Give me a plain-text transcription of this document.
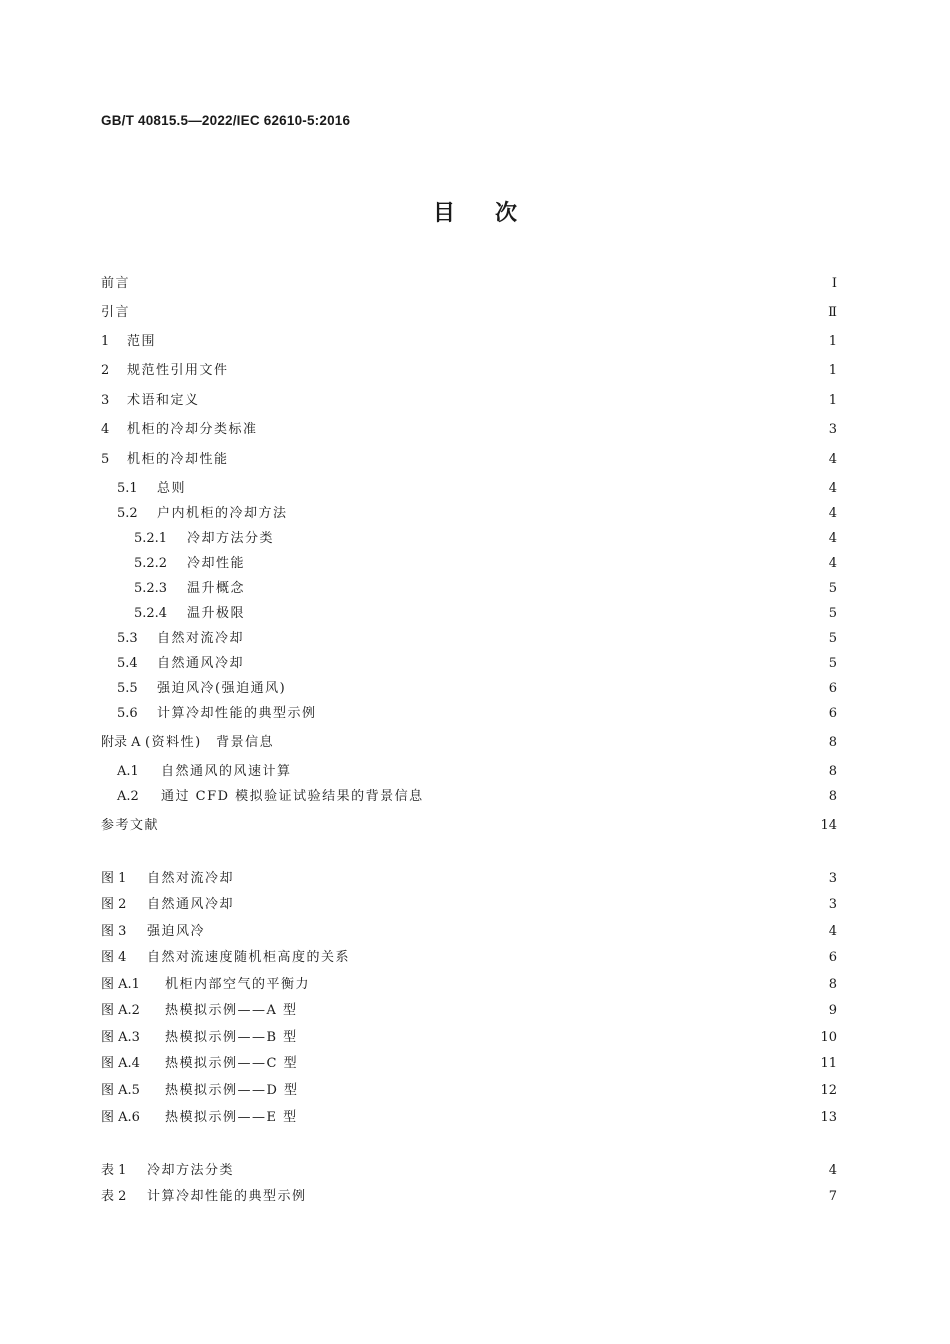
GB/T 40815.5—2022/IEC 62610-5:2016
目次
前言	Ⅰ
引言	Ⅱ
1	范围	1
2	规范性引用文件	1
3	术语和定义	1
4	机柜的冷却分类标准	3
5	机柜的冷却性能	4
5.1	总则	4
5.2	户内机柜的冷却方法	4
5.2.1	冷却方法分类	4
5.2.2	冷却性能	4
5.2.3	温升概念	5
5.2.4	温升极限	5
5.3	自然对流冷却	5
5.4	自然通风冷却	5
5.5	强迫风冷(强迫通风)	6
5.6	计算冷却性能的典型示例	6
附录 A (资料性)　背景信息	8
A.1	自然通风的风速计算	8
A.2	通过 CFD 模拟验证试验结果的背景信息	8
参考文献	14
图 1	自然对流冷却	3
图 2	自然通风冷却	3
图 3	强迫风冷	4
图 4	自然对流速度随机柜高度的关系	6
图 A.1	机柜内部空气的平衡力	8
图 A.2	热模拟示例——A 型	9
图 A.3	热模拟示例——B 型	10
图 A.4	热模拟示例——C 型	11
图 A.5	热模拟示例——D 型	12
图 A.6	热模拟示例——E 型	13
表 1	冷却方法分类	4
表 2	计算冷却性能的典型示例	7
